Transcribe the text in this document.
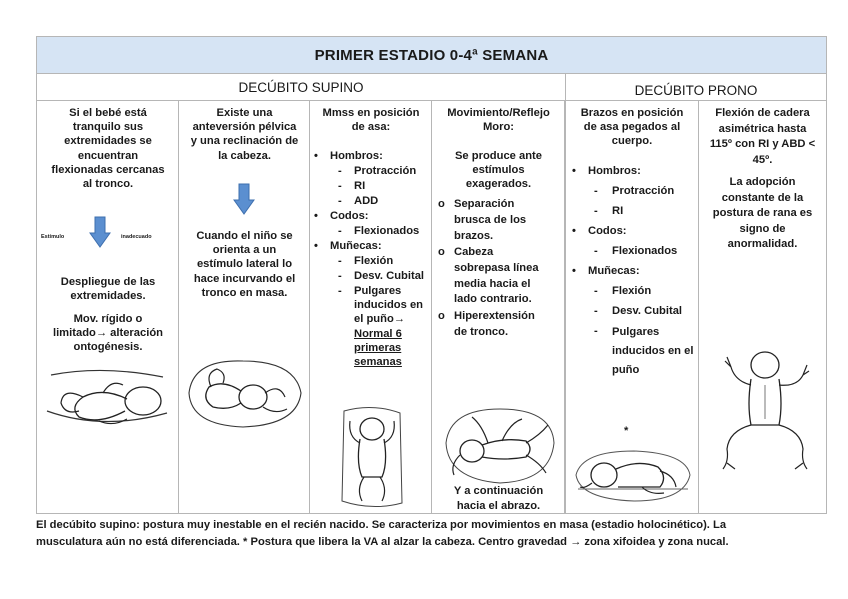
PRIMER ESTADIO 0-4ª SEMANA
DECÚBITO SUPINO	DECÚBITO PRONO
Si el bebé está
tranquilo sus
extremidades se
encuentran
flexionadas cercanas
al tronco.
Estímulo	inadecuado
Despliegue de las
extremidades.
Mov. rígido o
limitado→ alteración
ontogénesis.
Existe una
anteversión pélvica
y una reclinación de
la cabeza.
Cuando el niño se
orienta a un
estímulo lateral lo
hace incurvando el
tronco en masa.
Mmss en posición
de asa:
• Hombros:
- Protracción
- RI
- ADD
• Codos:
- Flexionados
• Muñecas:
- Flexión
- Desv. Cubital
- Pulgares
inducidos en
el puño→
Normal 6
primeras
semanas
Movimiento/Reflejo
Moro:
Se produce ante
estímulos
exagerados.
o Separación
brusca de los
brazos.
o Cabeza
sobrepasa línea
media hacia el
lado contrario.
o Hiperextensión
de tronco.
Y a continuación
hacia el abrazo.
Brazos en posición
de asa pegados al
cuerpo.
• Hombros:
- Protracción
- RI
• Codos:
- Flexionados
• Muñecas:
- Flexión
- Desv. Cubital
- Pulgares
inducidos en el
puño
*
Flexión de cadera
asimétrica hasta
115º con RI y ABD <
45º.
La adopción
constante de la
postura de rana es
signo de
anormalidad.
El decúbito supino: postura muy inestable en el recién nacido. Se caracteriza por movimientos en masa (estadio holocinético). La
musculatura aún no está diferenciada. * Postura que libera la VA al alzar la cabeza. Centro gravedad → zona xifoidea y zona nucal.
